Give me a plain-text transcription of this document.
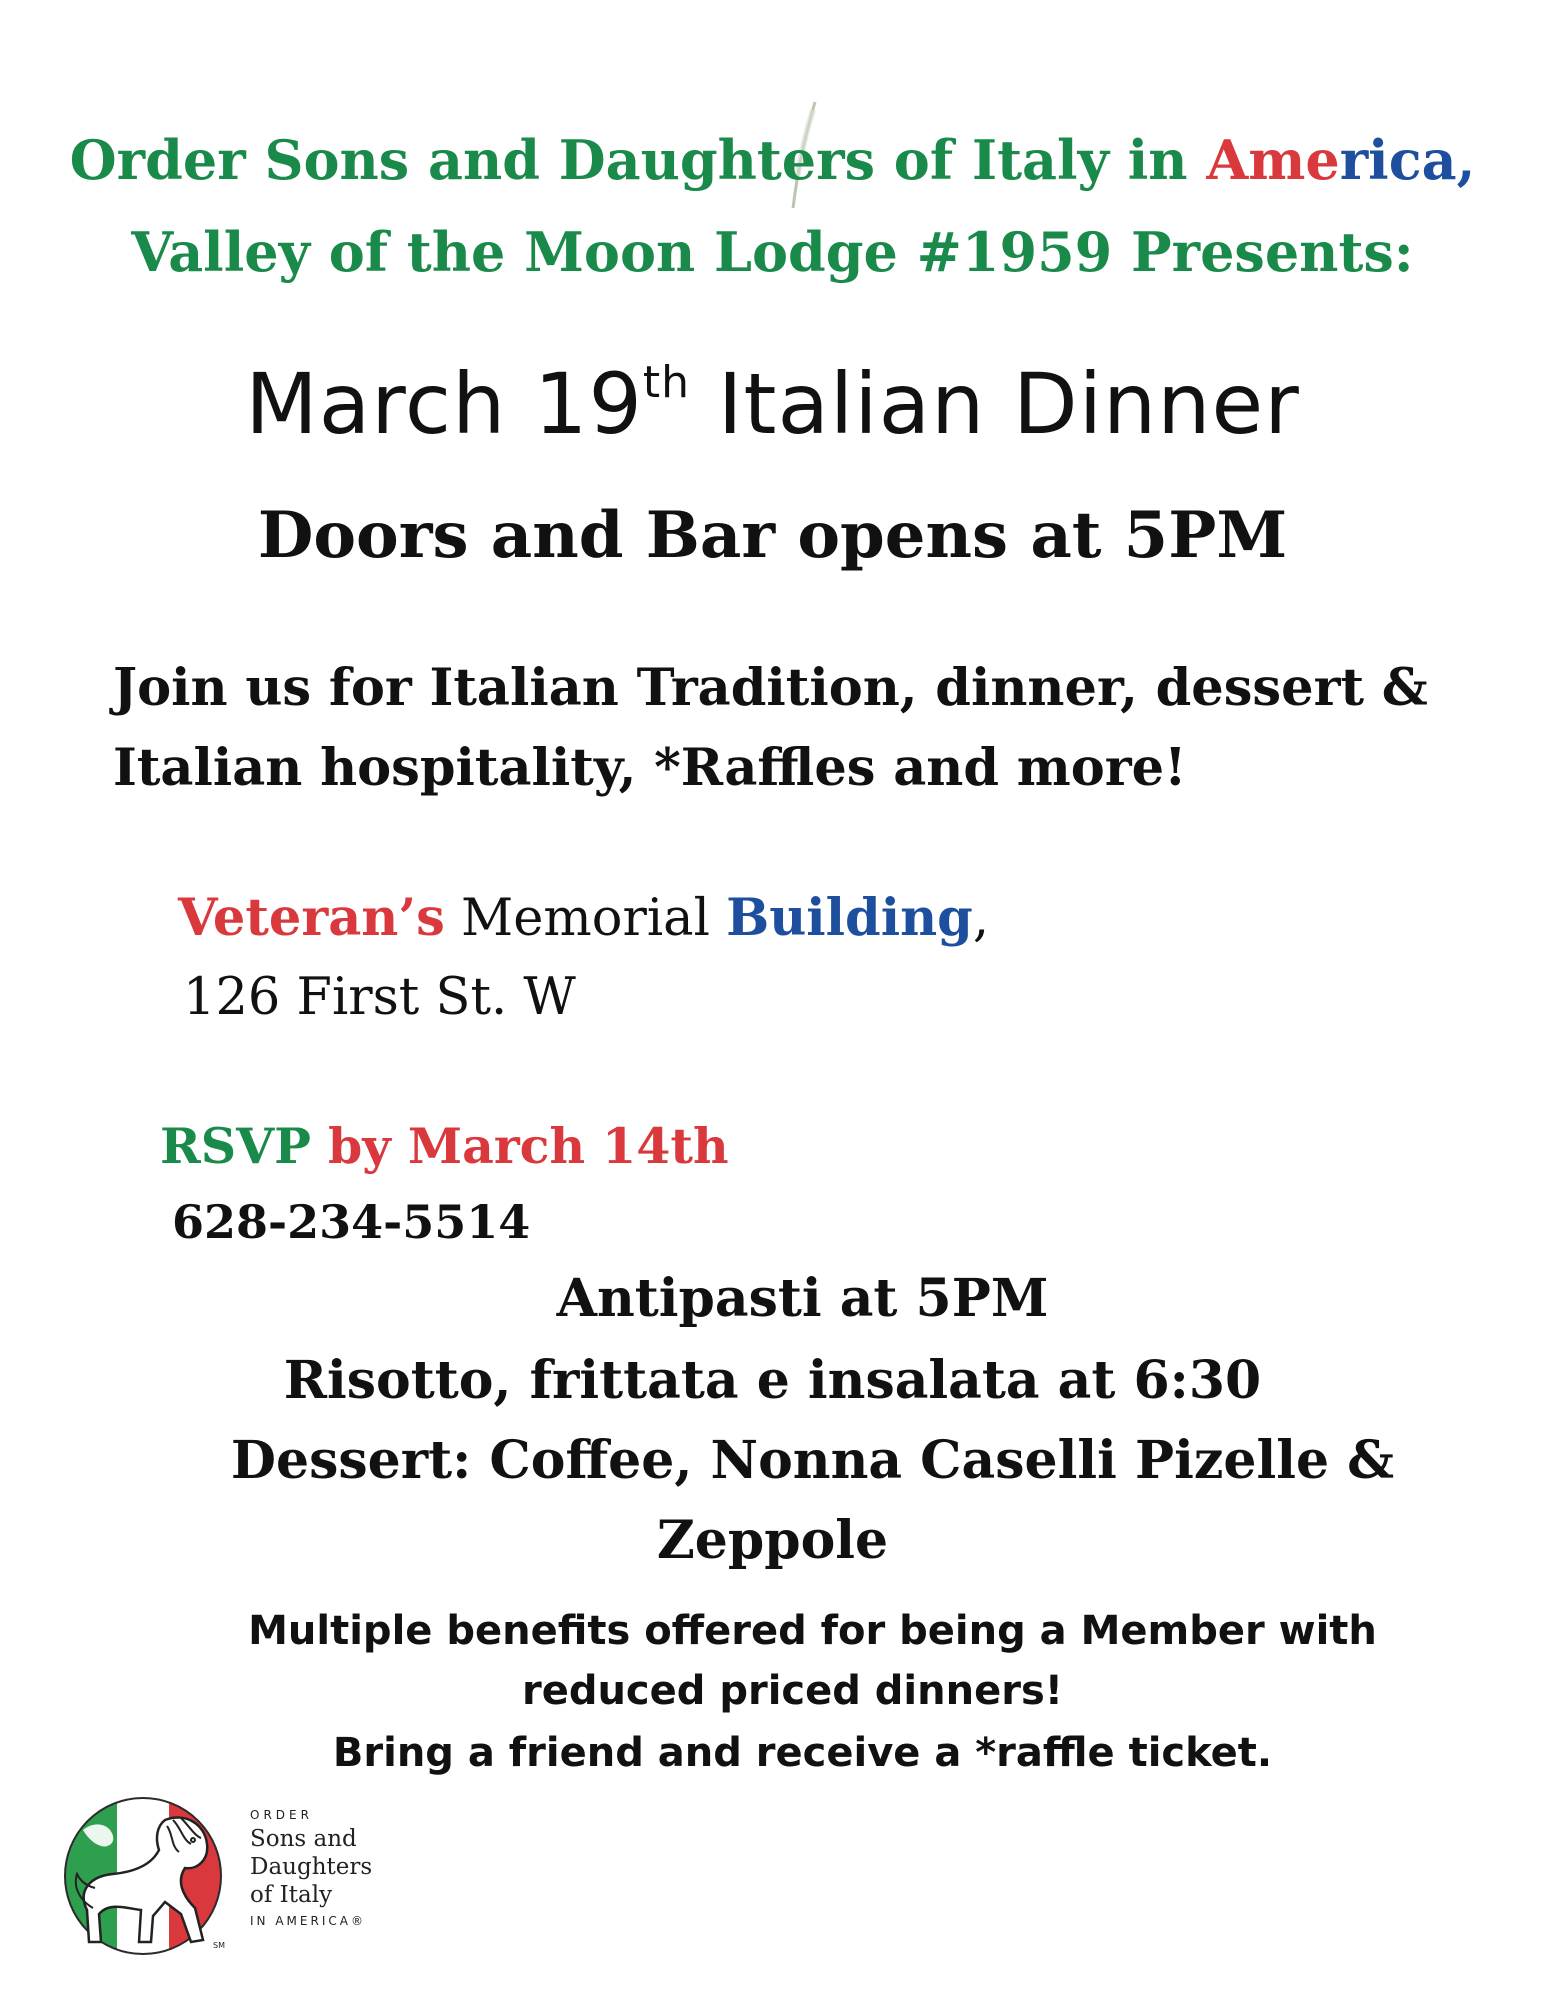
Order Sons and Daughters of Italy in America,
Valley of the Moon Lodge #1959 Presents:
March 19th Italian Dinner
Doors and Bar opens at 5PM
Join us for Italian Tradition, dinner, dessert &
Italian hospitality, *Raffles and more!
Veteran’s Memorial Building,
126 First St. W
RSVP by March 14th
628-234-5514
Antipasti at 5PM
Risotto, frittata e insalata at 6:30
Dessert: Coffee, Nonna Caselli Pizelle &
Zeppole
Multiple benefits offered for being a Member with
reduced priced dinners!
Bring a friend and receive a *raffle ticket.
SM
ORDER
Sons and
Daughters
of Italy
IN AMERICA®
